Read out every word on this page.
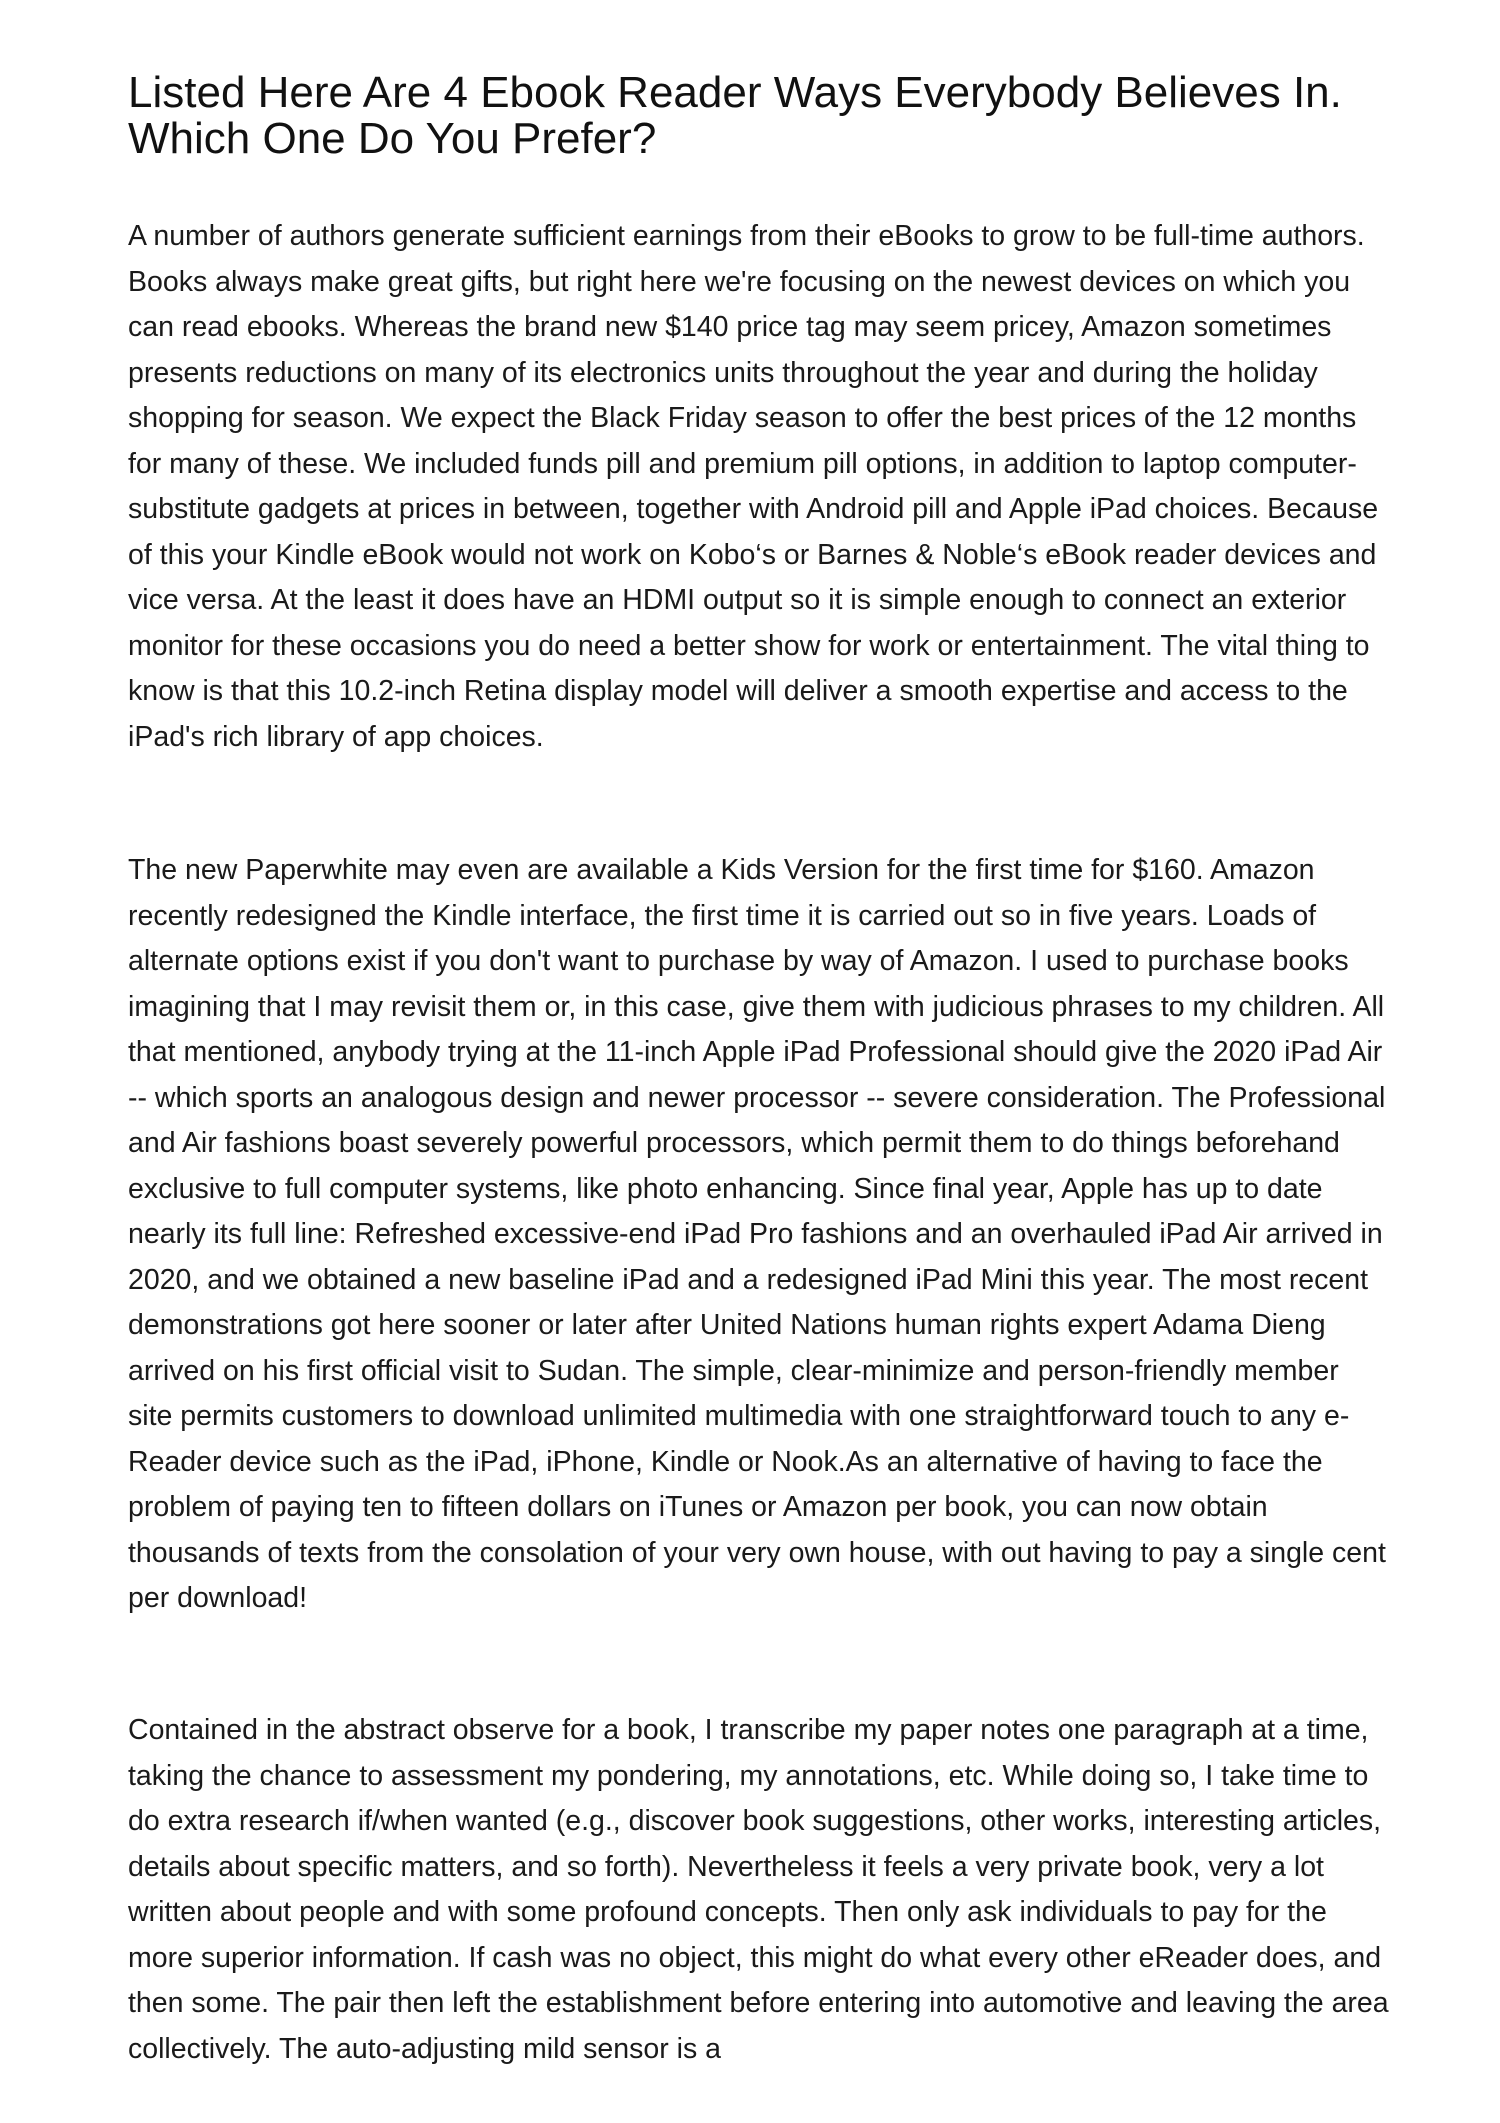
Listed Here Are 4 Ebook Reader Ways Everybody Believes In. Which One Do You Prefer?

A number of authors generate sufficient earnings from their eBooks to grow to be full-time authors. Books always make great gifts, but right here we're focusing on the newest devices on which you can read ebooks. Whereas the brand new $140 price tag may seem pricey, Amazon sometimes presents reductions on many of its electronics units throughout the year and during the holiday shopping for season. We expect the Black Friday season to offer the best prices of the 12 months for many of these. We included funds pill and premium pill options, in addition to laptop computer-substitute gadgets at prices in between, together with Android pill and Apple iPad choices. Because of this your Kindle eBook would not work on Kobo‘s or Barnes & Noble‘s eBook reader devices and vice versa. At the least it does have an HDMI output so it is simple enough to connect an exterior monitor for these occasions you do need a better show for work or entertainment. The vital thing to know is that this 10.2-inch Retina display model will deliver a smooth expertise and access to the iPad's rich library of app choices.

The new Paperwhite may even are available a Kids Version for the first time for $160. Amazon recently redesigned the Kindle interface, the first time it is carried out so in five years. Loads of alternate options exist if you don't want to purchase by way of Amazon. I used to purchase books imagining that I may revisit them or, in this case, give them with judicious phrases to my children. All that mentioned, anybody trying at the 11-inch Apple iPad Professional should give the 2020 iPad Air -- which sports an analogous design and newer processor -- severe consideration. The Professional and Air fashions boast severely powerful processors, which permit them to do things beforehand exclusive to full computer systems, like photo enhancing. Since final year, Apple has up to date nearly its full line: Refreshed excessive-end iPad Pro fashions and an overhauled iPad Air arrived in 2020, and we obtained a new baseline iPad and a redesigned iPad Mini this year. The most recent demonstrations got here sooner or later after United Nations human rights expert Adama Dieng arrived on his first official visit to Sudan. The simple, clear-minimize and person-friendly member site permits customers to download unlimited multimedia with one straightforward touch to any e-Reader device such as the iPad, iPhone, Kindle or Nook.As an alternative of having to face the problem of paying ten to fifteen dollars on iTunes or Amazon per book, you can now obtain thousands of texts from the consolation of your very own house, with out having to pay a single cent per download!

Contained in the abstract observe for a book, I transcribe my paper notes one paragraph at a time, taking the chance to assessment my pondering, my annotations, etc. While doing so, I take time to do extra research if/when wanted (e.g., discover book suggestions, other works, interesting articles, details about specific matters, and so forth). Nevertheless it feels a very private book, very a lot written about people and with some profound concepts. Then only ask individuals to pay for the more superior information. If cash was no object, this might do what every other eReader does, and then some. The pair then left the establishment before entering into automotive and leaving the area collectively. The auto-adjusting mild sensor is a
